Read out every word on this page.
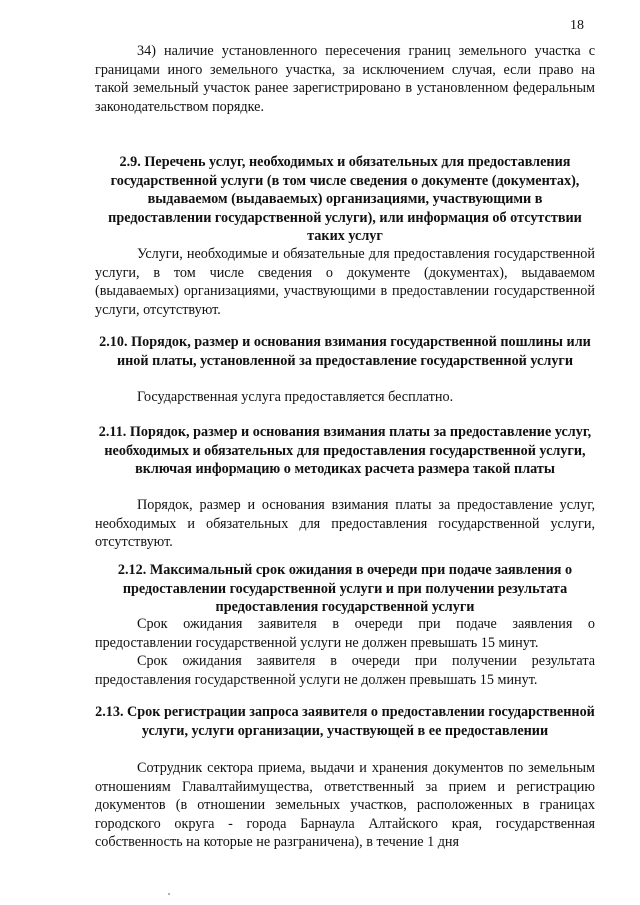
18

34) наличие установленного пересечения границ земельного участка с границами иного земельного участка, за исключением случая, если право на такой земельный участок ранее зарегистрировано в установленном федеральным законодательством порядке.

2.9. Перечень услуг, необходимых и обязательных для предоставления государственной услуги (в том числе сведения о документе (документах), выдаваемом (выдаваемых) организациями, участвующими в предоставлении государственной услуги), или информация об отсутствии таких услуг

Услуги, необходимые и обязательные для предоставления государственной услуги, в том числе сведения о документе (документах), выдаваемом (выдаваемых) организациями, участвующими в предоставлении государственной услуги, отсутствуют.

2.10. Порядок, размер и основания взимания государственной пошлины или иной платы, установленной за предоставление государственной услуги

Государственная услуга предоставляется бесплатно.

2.11. Порядок, размер и основания взимания платы за предоставление услуг, необходимых и обязательных для предоставления государственной услуги, включая информацию о методиках расчета размера такой платы

Порядок, размер и основания взимания платы за предоставление услуг, необходимых и обязательных для предоставления государственной услуги, отсутствуют.

2.12. Максимальный срок ожидания в очереди при подаче заявления о предоставлении государственной услуги и при получении результата предоставления государственной услуги

Срок ожидания заявителя в очереди при подаче заявления о предоставлении государственной услуги не должен превышать 15 минут.

Срок ожидания заявителя в очереди при получении результата предоставления государственной услуги не должен превышать 15 минут.

2.13. Срок регистрации запроса заявителя о предоставлении государственной услуги, услуги организации, участвующей в ее предоставлении

Сотрудник сектора приема, выдачи и хранения документов по земельным отношениям Главалтайимущества, ответственный за прием и регистрацию документов (в отношении земельных участков, расположенных в границах городского округа - города Барнаула Алтайского края, государственная собственность на которые не разграничена), в течение 1 дня
